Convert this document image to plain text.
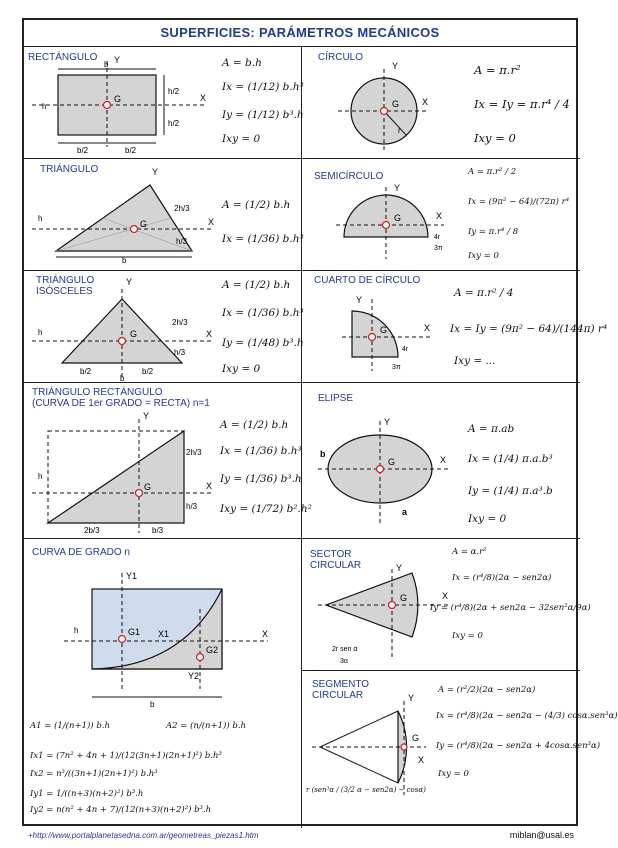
SUPERFICIES: PARÁMETROS MECÁNICOS
RECTÁNGULO
G	X
Y
b
h/2
h/2
b/2	b/2
h
A = b.h
Ix = (1/12) b.h³
Iy = (1/12) b³.h
Ixy = 0
CÍRCULO
G	X
Y
r
A = π.r²
Ix = Iy = π.r⁴ / 4
Ixy = 0
TRIÁNGULO
G	X
Y
2h/3
h/3
h
b
A = (1/2) b.h
Ix = (1/36) b.h³
SEMICÍRCULO
G	X
Y
4r
3π
A = π.r² / 2
Ix = (9π² − 64)/(72π) r⁴
Iy = π.r⁴ / 8
Ixy = 0
TRIÁNGULO
ISÓSCELES
G	X
Y
2h/3
h/3
h
b/2	b/2
b
A = (1/2) b.h
Ix = (1/36) b.h³
Iy = (1/48) b³.h
Ixy = 0
CUARTO DE CÍRCULO
G	X
Y
4r
3π
A = π.r² / 4
Ix = Iy = (9π² − 64)/(144π) r⁴
Ixy = ...
TRIÁNGULO RECTÁNGULO
(CURVA DE 1er GRADO = RECTA) n=1
G	X
Y
2h/3
h/3
h
2b/3	b/3
A = (1/2) b.h
Ix = (1/36) b.h³
Iy = (1/36) b³.h
Ixy = (1/72) b².h²
ELIPSE
G	X
Y
b
a
A = π.ab
Ix = (1/4) π.a.b³
Iy = (1/4) π.a³.b
Ixy = 0
CURVA DE GRADO n
G1
G2
X1	X
Y1
Y2
h
b
A1 = (1/(n+1)) b.h	A2 = (n/(n+1)) b.h
Ix1 = (7n² + 4n + 1)/(12(3n+1)(2n+1)²) b.h³
Ix2 = n³/((3n+1)(2n+1)²) b.h³
Iy1 = 1/((n+3)(n+2)²) b³.h
Iy2 = n(n² + 4n + 7)/(12(n+3)(n+2)²) b³.h
SECTOR
CIRCULAR
G	X
Y
2r sen α
3α
A = α.r²
Ix = (r⁴/8)(2α − sen2α)
Iy = (r⁴/8)(2α + sen2α − 32sen²α/9α)
Ixy = 0
SEGMENTO
CIRCULAR
G
X
Y
A = (r²/2)(2α − sen2α)
Ix = (r⁴/8)(2α − sen2α − (4/3) cosα.sen³α)
Iy = (r⁴/8)(2α − sen2α + 4cosα.sen³α)
Ixy = 0
r (sen³α / (3/2 α − sen2α) − cosα)
+http://www.portalplanetasedna.com.ar/geometreas_piezas1.htm	miblan@usal.es
